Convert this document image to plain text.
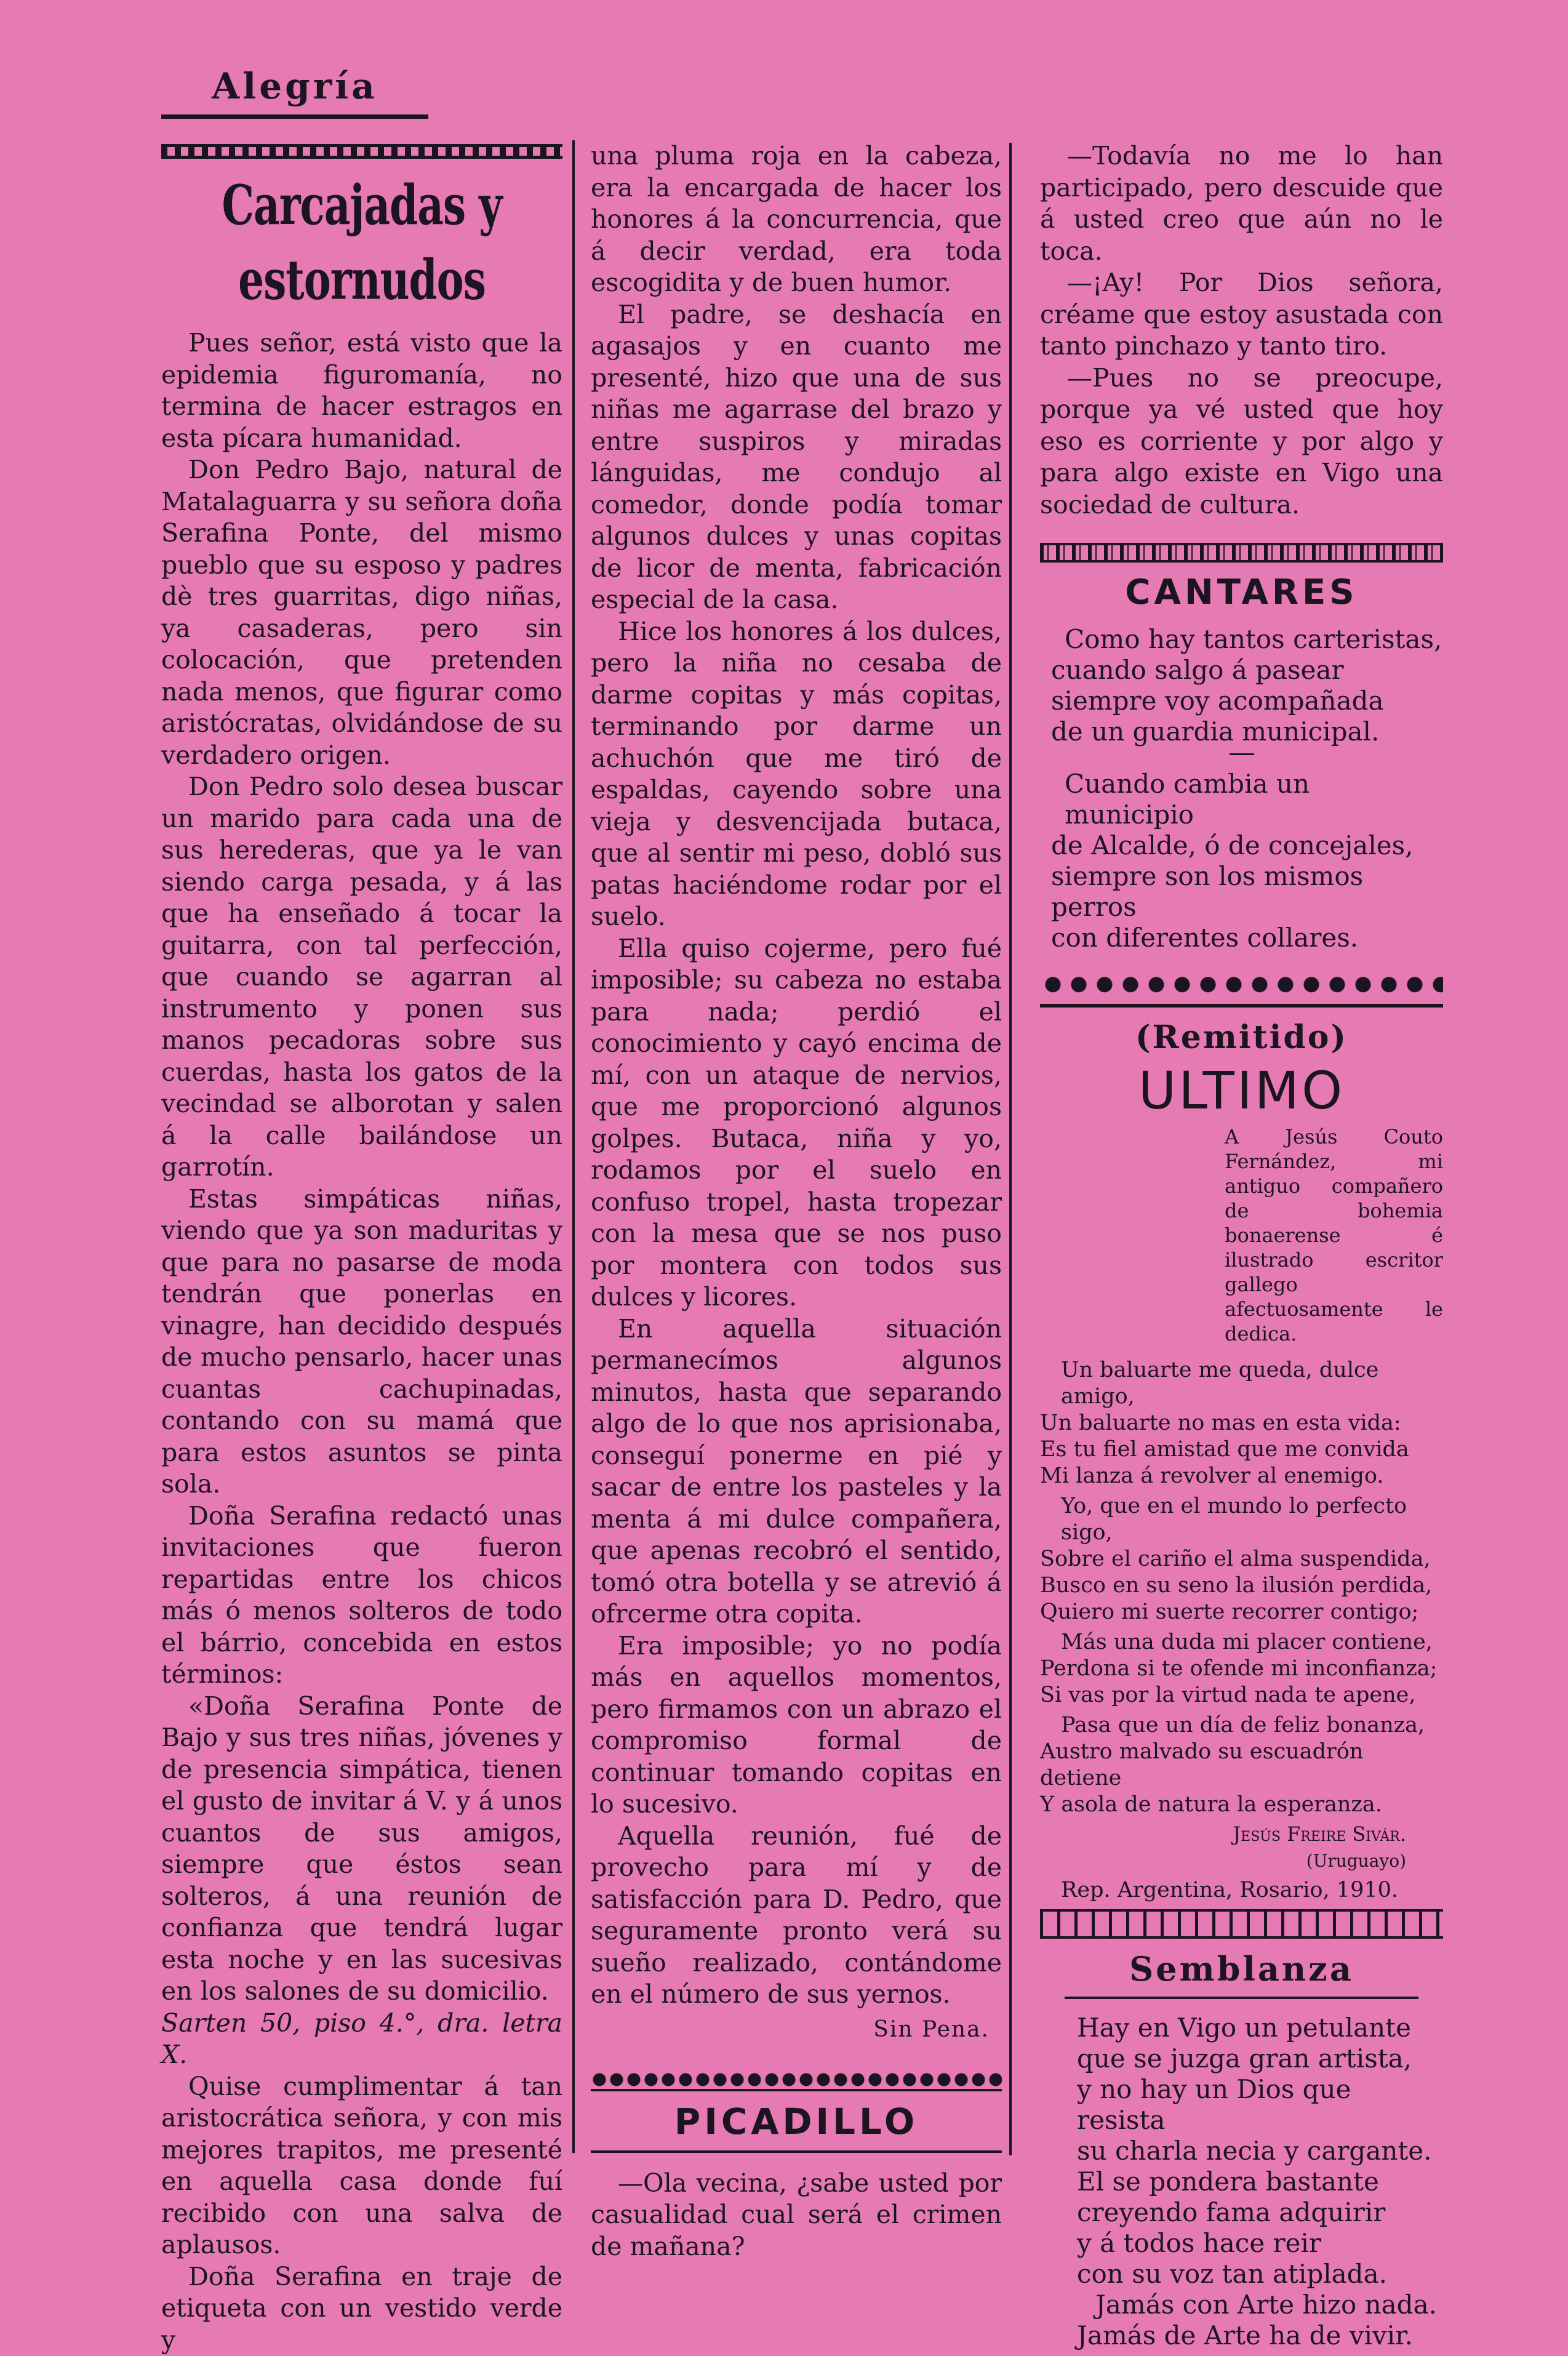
Alegría
Carcajadas y estornudos

Pues señor, está visto que la epidemia figuromanía, no termina de hacer estragos en esta pícara humanidad.

Don Pedro Bajo, natural de Matalaguarra y su señora doña Serafina Ponte, del mismo pueblo que su esposo y padres dè tres guarritas, digo niñas, ya casaderas, pero sin colocación, que pretenden nada menos, que figurar como aristócratas, olvidándose de su verdadero origen.

Don Pedro solo desea buscar un marido para cada una de sus herederas, que ya le van siendo carga pesada, y á las que ha enseñado á tocar la guitarra, con tal perfección, que cuando se agarran al instrumento y ponen sus manos pecadoras sobre sus cuerdas, hasta los gatos de la vecindad se alborotan y salen á la calle bailándose un garrotín.

Estas simpáticas niñas, viendo que ya son maduritas y que para no pasarse de moda tendrán que ponerlas en vinagre, han decidido después de mucho pensarlo, hacer unas cuantas cachupinadas, contando con su mamá que para estos asuntos se pinta sola.

Doña Serafina redactó unas invitaciones que fueron repartidas entre los chicos más ó menos solteros de todo el bárrio, concebida en estos términos:

«Doña Serafina Ponte de Bajo y sus tres niñas, jóvenes y de presencia simpática, tienen el gusto de invitar á V. y á unos cuantos de sus amigos, siempre que éstos sean solteros, á una reunión de confianza que tendrá lugar esta noche y en las sucesivas en los salones de su domicilio.

Sarten 50, piso 4.°, dra. letra X.

Quise cumplimentar á tan aristocrática señora, y con mis mejores trapitos, me presenté en aquella casa donde fuí recibido con una salva de aplausos.

Doña Serafina en traje de etiqueta con un vestido verde y

una pluma roja en la cabeza, era la encargada de hacer los honores á la concurrencia, que á decir verdad, era toda escogidita y de buen humor.

El padre, se deshacía en agasajos y en cuanto me presenté, hizo que una de sus niñas me agarrase del brazo y entre suspiros y miradas lánguidas, me condujo al comedor, donde podía tomar algunos dulces y unas copitas de licor de menta, fabricación especial de la casa.

Hice los honores á los dulces, pero la niña no cesaba de darme copitas y más copitas, terminando por darme un achuchón que me tiró de espaldas, cayendo sobre una vieja y desvencijada butaca, que al sentir mi peso, dobló sus patas haciéndome rodar por el suelo.

Ella quiso cojerme, pero fué imposible; su cabeza no estaba para nada; perdió el conocimiento y cayó encima de mí, con un ataque de nervios, que me proporcionó algunos golpes. Butaca, niña y yo, rodamos por el suelo en confuso tropel, hasta tropezar con la mesa que se nos puso por montera con todos sus dulces y licores.

En aquella situación permanecímos algunos minutos, hasta que separando algo de lo que nos aprisionaba, conseguí ponerme en pié y sacar de entre los pasteles y la menta á mi dulce compañera, que apenas recobró el sentido, tomó otra botella y se atrevió á ofrcerme otra copita.

Era imposible; yo no podía más en aquellos momentos, pero firmamos con un abrazo el compromiso formal de continuar tomando copitas en lo sucesivo.

Aquella reunión, fué de provecho para mí y de satisfacción para D. Pedro, que seguramente pronto verá su sueño realizado, contándome en el número de sus yernos.

Sin Pena.

PICADILLO

—Ola vecina, ¿sabe usted por casualidad cual será el crimen de mañana?

—Todavía no me lo han participado, pero descuide que á usted creo que aún no le toca.

—¡Ay! Por Dios señora, créame que estoy asustada con tanto pinchazo y tanto tiro.

—Pues no se preocupe, porque ya vé usted que hoy eso es corriente y por algo y para algo existe en Vigo una sociedad de cultura.

CANTARES

Como hay tantos carteristas,

cuando salgo á pasear

siempre voy acompañada

de un guardia municipal.

Cuando cambia un municipio

de Alcalde, ó de concejales,

siempre son los mismos perros

con diferentes collares.

(Remitido)
ULTIMO
A Jesús Couto Fernández, mi antiguo compañero de bohemia bonaerense é ilustrado escritor gallego afectuosamente le dedica.

Un baluarte me queda, dulce amigo,

Un baluarte no mas en esta vida:

Es tu fiel amistad que me convida

Mi lanza á revolver al enemigo.

Yo, que en el mundo lo perfecto sigo,

Sobre el cariño el alma suspendida,

Busco en su seno la ilusión perdida,

Quiero mi suerte recorrer contigo;

Más una duda mi placer contiene,

Perdona si te ofende mi inconfianza;

Si vas por la virtud nada te apene,

Pasa que un día de feliz bonanza,

Austro malvado su escuadrón detiene

Y asola de natura la esperanza.

Jesús Freire Sivár.

(Uruguayo)

Rep. Argentina, Rosario, 1910.

Semblanza

Hay en Vigo un petulante

que se juzga gran artista,

y no hay un Dios que resista

su charla necia y cargante.

El se pondera bastante

creyendo fama adquirir

y á todos hace reir

con su voz tan atiplada.

Jamás con Arte hizo nada.

Jamás de Arte ha de vivir.
